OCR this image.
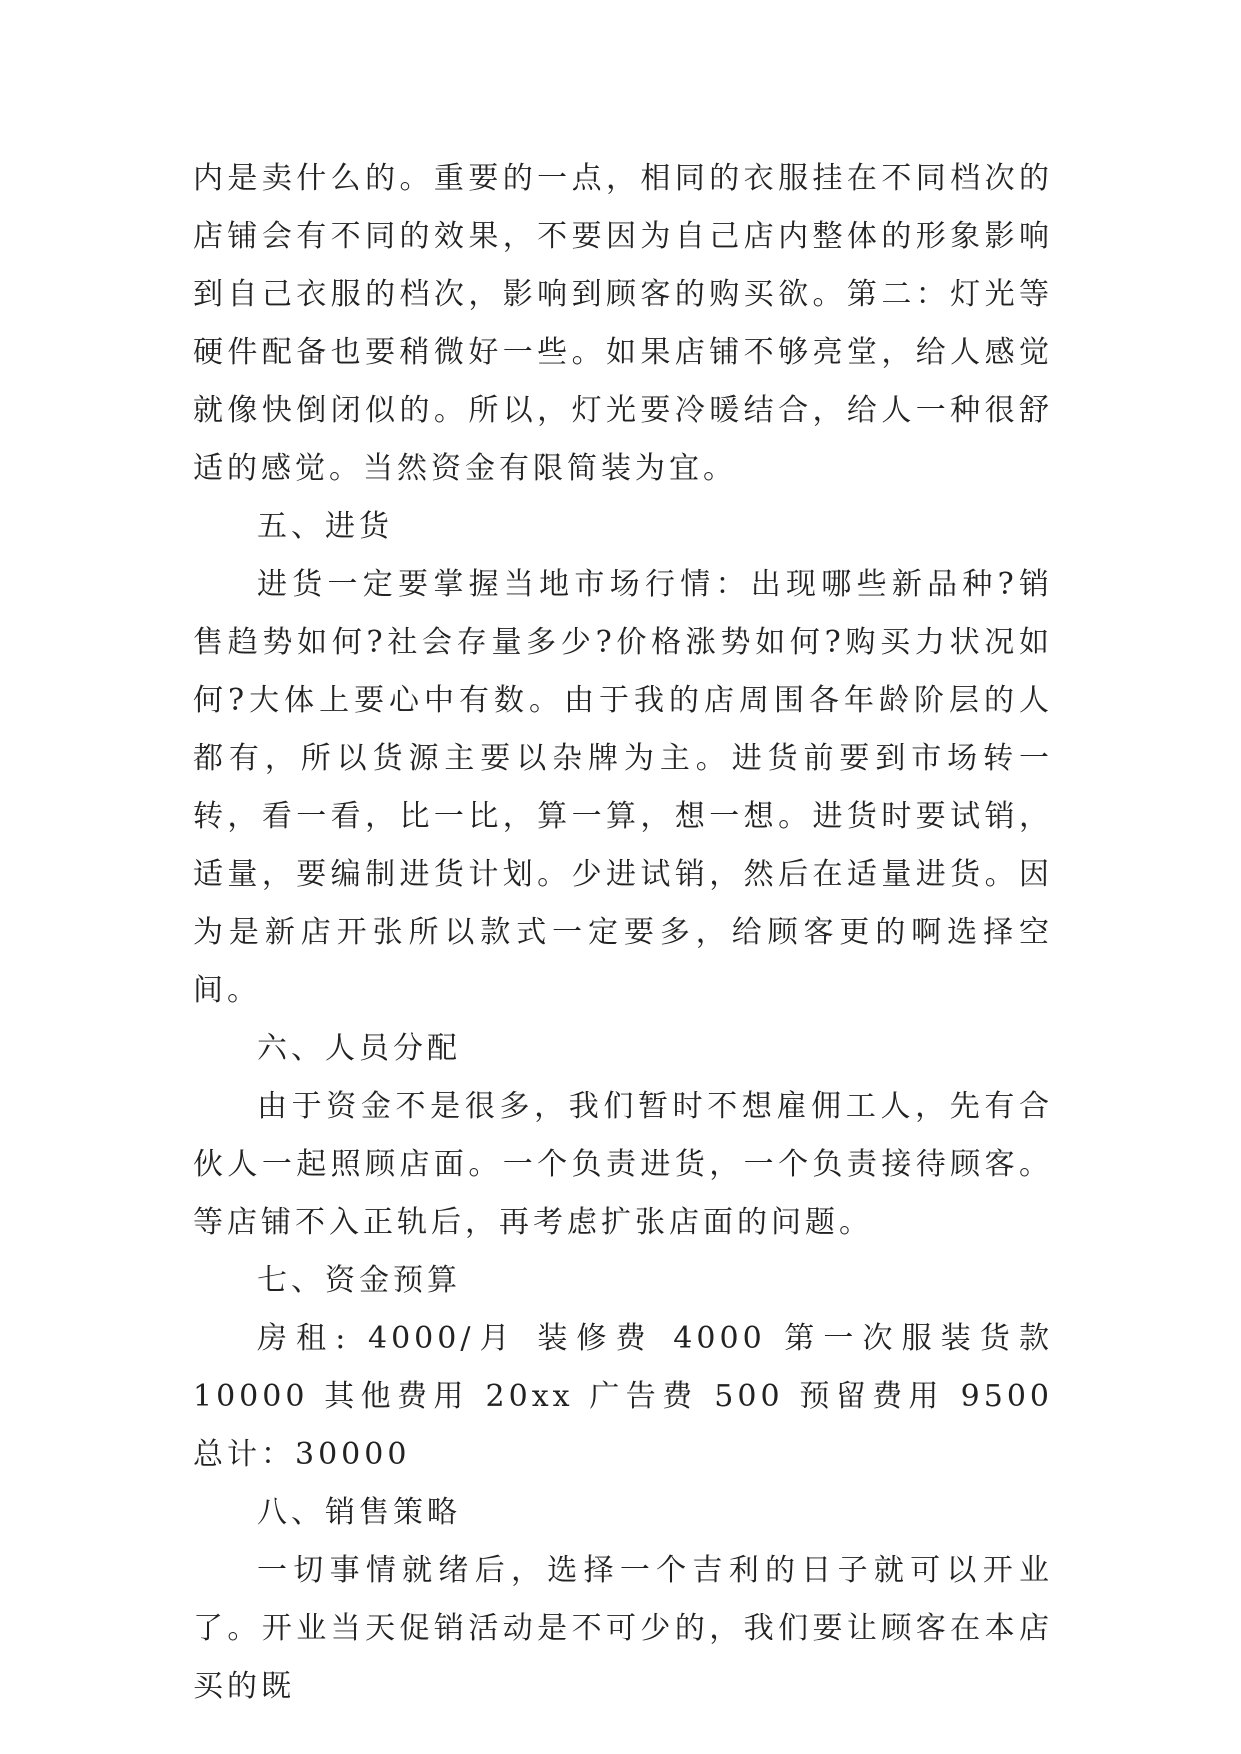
内是卖什么的。重要的一点，相同的衣服挂在不同档次的店铺会有不同的效果，不要因为自己店内整体的形象影响到自己衣服的档次，影响到顾客的购买欲。第二：灯光等硬件配备也要稍微好一些。如果店铺不够亮堂，给人感觉就像快倒闭似的。所以，灯光要冷暖结合，给人一种很舒适的感觉。当然资金有限简装为宜。

五、进货

进货一定要掌握当地市场行情：出现哪些新品种?销售趋势如何?社会存量多少?价格涨势如何?购买力状况如何?大体上要心中有数。由于我的店周围各年龄阶层的人都有，所以货源主要以杂牌为主。进货前要到市场转一转，看一看，比一比，算一算，想一想。进货时要试销，适量，要编制进货计划。少进试销，然后在适量进货。因为是新店开张所以款式一定要多，给顾客更的啊选择空间。

六、人员分配

由于资金不是很多，我们暂时不想雇佣工人，先有合伙人一起照顾店面。一个负责进货，一个负责接待顾客。等店铺不入正轨后，再考虑扩张店面的问题。

七、资金预算

房租: 4000/月 装修费 4000 第一次服装货款 10000 其他费用 20xx 广告费 500 预留费用 9500 总计：30000

八、销售策略

一切事情就绪后，选择一个吉利的日子就可以开业了。开业当天促销活动是不可少的，我们要让顾客在本店买的既
